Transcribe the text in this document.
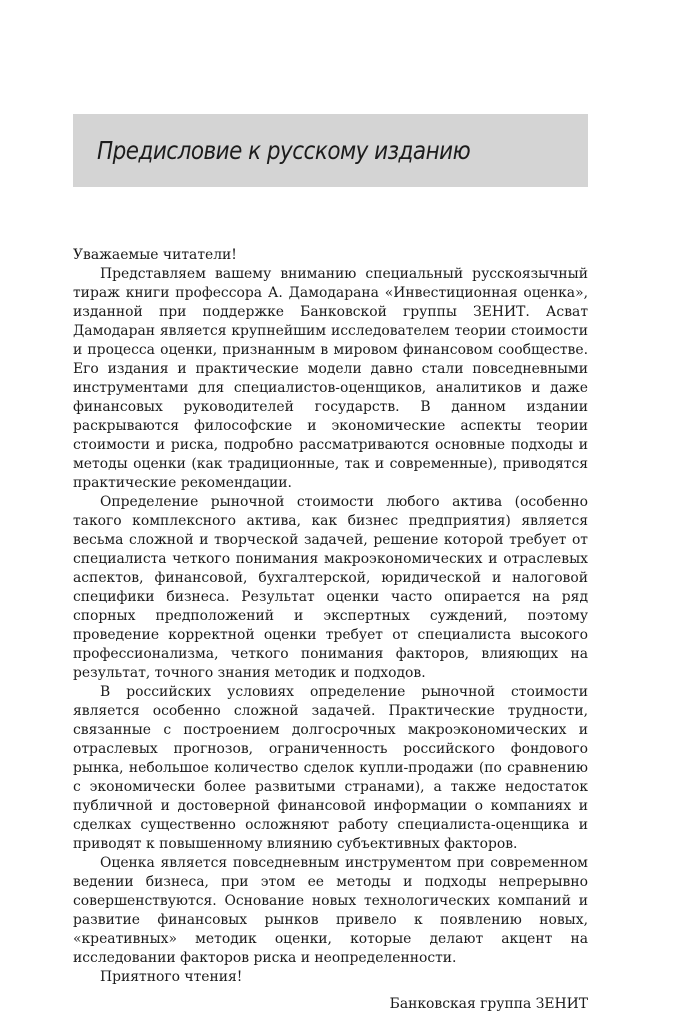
Предисловие к русскому изданию

Уважаемые читатели!

Представляем вашему вниманию специальный русскоязычный тираж книги профессора А. Дамодарана «Инвестиционная оценка», изданной при поддержке Банковской группы ЗЕНИТ. Асват Дамодаран является крупнейшим исследователем теории стоимости и процесса оценки, признанным в мировом финансовом сообществе. Его издания и практические модели давно стали повседневными инструментами для специалистов-оценщиков, аналитиков и даже финансовых руководителей государств. В данном издании раскрываются философские и экономические аспекты теории стоимости и риска, подробно рассматриваются основные подходы и методы оценки (как традиционные, так и современные), приводятся практические рекомендации.

Определение рыночной стоимости любого актива (особенно такого комплексного актива, как бизнес предприятия) является весьма сложной и творческой задачей, решение которой требует от специалиста четкого понимания макроэкономических и отраслевых аспектов, финансовой, бухгалтерской, юридической и налоговой специфики бизнеса. Результат оценки часто опирается на ряд спорных предположений и экспертных суждений, поэтому проведение корректной оценки требует от специалиста высокого профессионализма, четкого понимания факторов, влияющих на результат, точного знания методик и подходов.

В российских условиях определение рыночной стоимости является особенно сложной задачей. Практические трудности, связанные с построением долгосрочных макроэкономических и отраслевых прогнозов, ограниченность российского фондового рынка, небольшое количество сделок купли-продажи (по сравнению с экономически более развитыми странами), а также недостаток публичной и достоверной финансовой информации о компаниях и сделках существенно осложняют работу специалиста-оценщика и приводят к повышенному влиянию субъективных факторов.

Оценка является повседневным инструментом при современном ведении бизнеса, при этом ее методы и подходы непрерывно совершенствуются. Основание новых технологических компаний и развитие финансовых рынков привело к появлению новых, «креативных» методик оценки, которые делают акцент на исследовании факторов риска и неопределенности.

Приятного чтения!

Банковская группа ЗЕНИТ
